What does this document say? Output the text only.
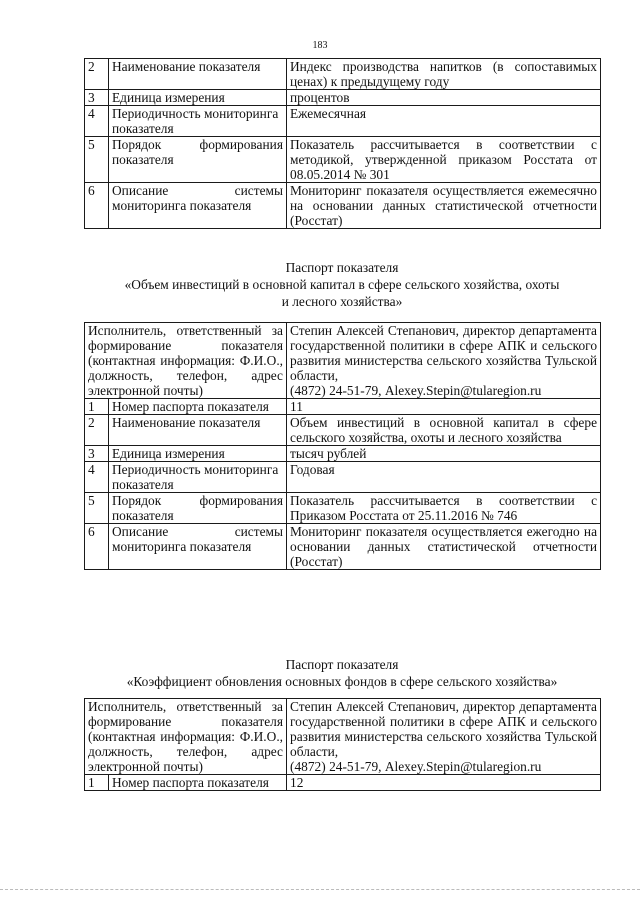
183
2	Наименование показателя	Индекс производства напитков (в сопоставимых ценах) к предыдущему году
3	Единица измерения	процентов
4	Периодичность мониторинга показателя	Ежемесячная
5	Порядок формирования показателя	Показатель рассчитывается в соответствии с методикой, утвержденной приказом Росстата от 08.05.2014 № 301
6	Описание системы мониторинга показателя	Мониторинг показателя осуществляется ежемесячно на основании данных статистической отчетности (Росстат)
Паспорт показателя
«Объем инвестиций в основной капитал в сфере сельского хозяйства, охоты и лесного хозяйства»
Исполнитель, ответственный за формирование показателя (контактная информация: Ф.И.О., должность, телефон, адрес электронной почты)		Степин Алексей Степанович, директор департамента государственной политики в сфере АПК и сельского развития министерства сельского хозяйства Тульской области,
(4872) 24-51-79, Alexey.Stepin@tularegion.ru
1	Номер паспорта показателя	11
2	Наименование показателя	Объем инвестиций в основной капитал в сфере сельского хозяйства, охоты и лесного хозяйства
3	Единица измерения	тысяч рублей
4	Периодичность мониторинга показателя	Годовая
5	Порядок формирования показателя	Показатель рассчитывается в соответствии с Приказом Росстата от 25.11.2016 № 746
6	Описание системы мониторинга показателя	Мониторинг показателя осуществляется ежегодно на основании данных статистической отчетности (Росстат)
Паспорт показателя
«Коэффициент обновления основных фондов в сфере сельского хозяйства»
Исполнитель, ответственный за формирование показателя (контактная информация: Ф.И.О., должность, телефон, адрес электронной почты)		Степин Алексей Степанович, директор департамента государственной политики в сфере АПК и сельского развития министерства сельского хозяйства Тульской области,
(4872) 24-51-79, Alexey.Stepin@tularegion.ru
1	Номер паспорта показателя	12
